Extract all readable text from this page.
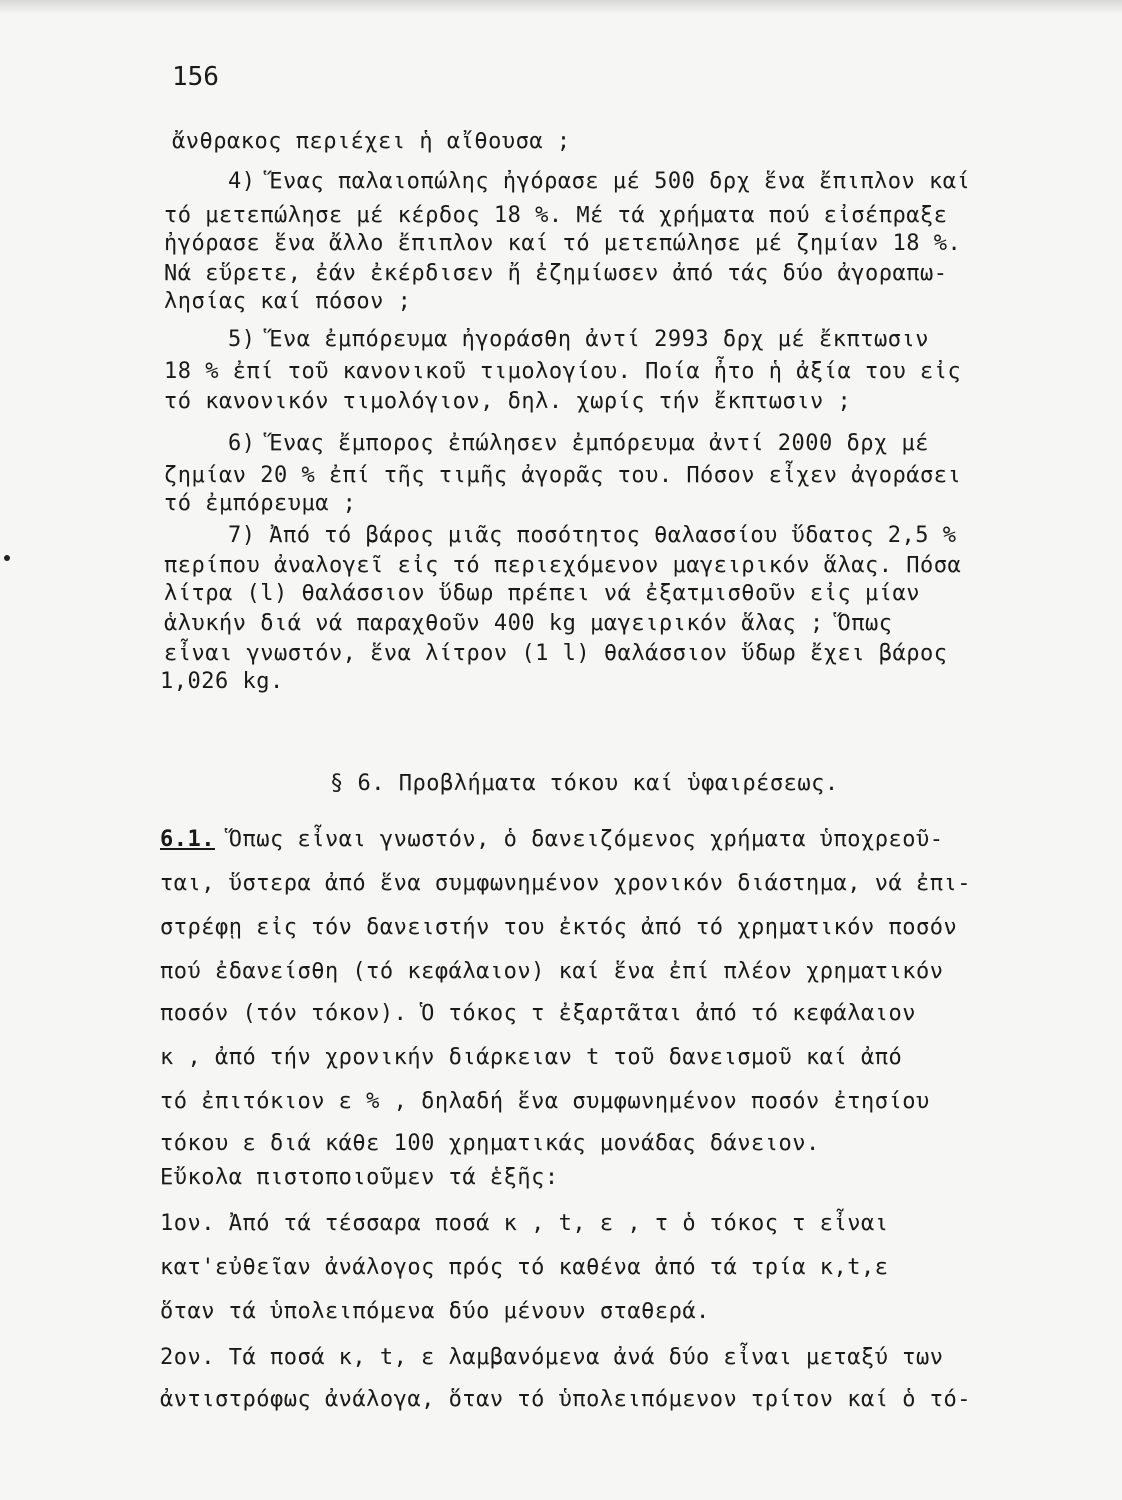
156
ἄνθρακος περιέχει ἡ αἴθουσα ;
4) Ἕνας παλαιοπώλης ἠγόρασε μέ 500 δρχ ἕνα ἔπιπλον καί
τό μετεπώλησε μέ κέρδος 18 %. Μέ τά χρήματα πού εἰσέπραξε
ἠγόρασε ἕνα ἄλλο ἔπιπλον καί τό μετεπώλησε μέ ζημίαν 18 %.
Νά εὕρετε, ἐάν ἐκέρδισεν ἤ ἐζημίωσεν ἀπό τάς δύο ἀγοραπω-
λησίας καί πόσον ;
5) Ἕνα ἐμπόρευμα ἠγοράσθη ἀντί 2993 δρχ μέ ἔκπτωσιν
18 % ἐπί τοῦ κανονικοῦ τιμολογίου. Ποία ἦτο ἡ ἀξία του εἰς
τό κανονικόν τιμολόγιον, δηλ. χωρίς τήν ἔκπτωσιν ;
6) Ἕνας ἔμπορος ἐπώλησεν ἐμπόρευμα ἀντί 2000 δρχ μέ
ζημίαν 20 % ἐπί τῆς τιμῆς ἀγορᾶς του. Πόσον εἶχεν ἀγοράσει
τό ἐμπόρευμα ;
7) Ἀπό τό βάρος μιᾶς ποσότητος θαλασσίου ὕδατος 2,5 %
περίπου ἀναλογεῖ εἰς τό περιεχόμενον μαγειρικόν ἅλας. Πόσα
λίτρα (l) θαλάσσιον ὕδωρ πρέπει νά ἐξατμισθοῦν εἰς μίαν
ἁλυκήν διά νά παραχθοῦν 400 kg μαγειρικόν ἅλας ; Ὅπως
εἶναι γνωστόν, ἕνα λίτρον (1 l) θαλάσσιον ὕδωρ ἔχει βάρος
1,026 kg.
§ 6. Προβλήματα τόκου καί ὑφαιρέσεως.
6.1. Ὅπως εἶναι γνωστόν, ὁ δανειζόμενος χρήματα ὑποχρεοῦ-
ται, ὕστερα ἀπό ἕνα συμφωνημένον χρονικόν διάστημα, νά ἐπι-
στρέφῃ εἰς τόν δανειστήν του ἐκτός ἀπό τό χρηματικόν ποσόν
πού ἐδανείσθη (τό κεφάλαιον) καί ἕνα ἐπί πλέον χρηματικόν
ποσόν (τόν τόκον). Ὁ τόκος τ ἐξαρτᾶται ἀπό τό κεφάλαιον
κ , ἀπό τήν χρονικήν διάρκειαν t τοῦ δανεισμοῦ καί ἀπό
τό ἐπιτόκιον ε % , δηλαδή ἕνα συμφωνημένον ποσόν ἐτησίου
τόκου ε διά κάθε 100 χρηματικάς μονάδας δάνειον.
Εὔκολα πιστοποιοῦμεν τά ἑξῆς:
1ον. Ἀπό τά τέσσαρα ποσά κ , t, ε , τ ὁ τόκος τ εἶναι
κατ'εὐθεῖαν ἀνάλογος πρός τό καθένα ἀπό τά τρία κ,t,ε
ὅταν τά ὑπολειπόμενα δύο μένουν σταθερά.
2ον. Τά ποσά κ, t, ε λαμβανόμενα ἀνά δύο εἶναι μεταξύ των
ἀντιστρόφως ἀνάλογα, ὅταν τό ὑπολειπόμενον τρίτον καί ὁ τό-
